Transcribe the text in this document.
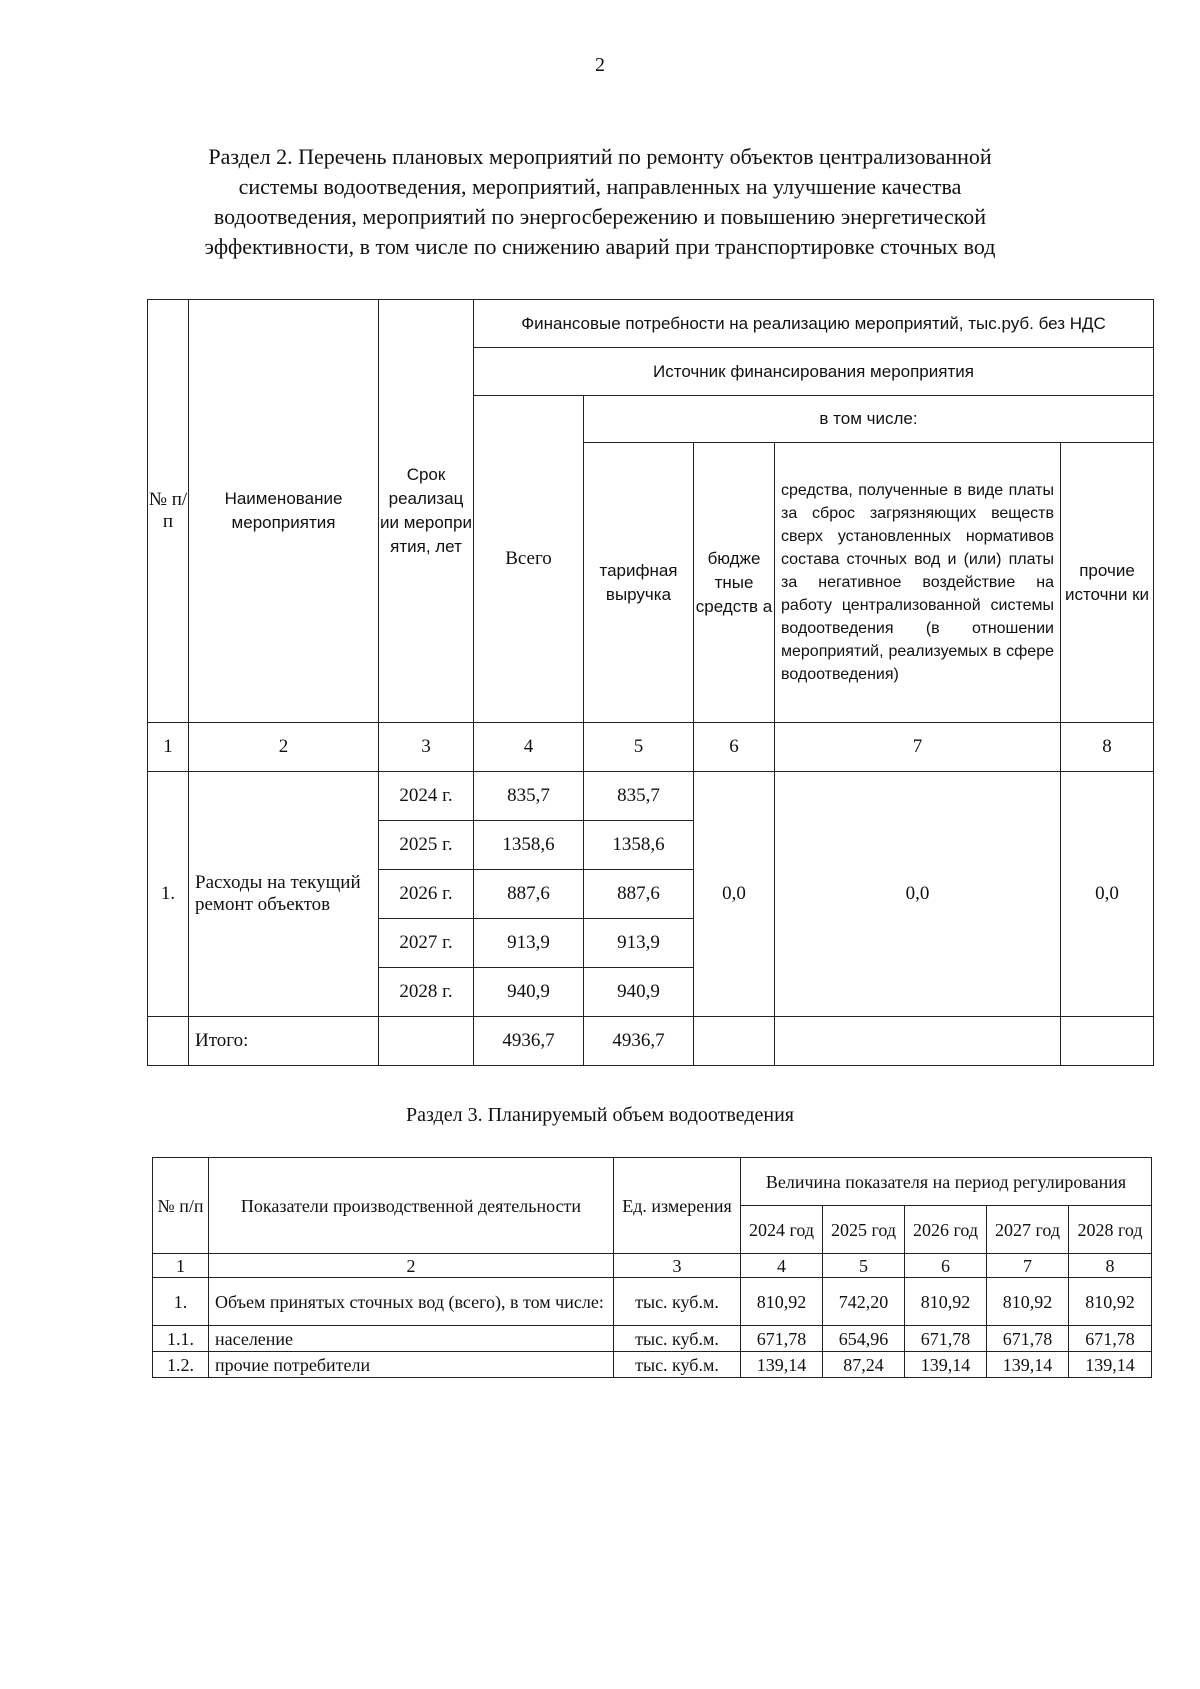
2
Раздел 2. Перечень плановых мероприятий по ремонту объектов централизованной
системы водоотведения, мероприятий, направленных на улучшение качества
водоотведения, мероприятий по энергосбережению и повышению энергетической
эффективности, в том числе по снижению аварий при транспортировке сточных вод
№ п/ п	Наименование мероприятия	Срок реализац ии меропри ятия, лет	Финансовые потребности на реализацию мероприятий, тыс.руб. без НДС				
			Источник финансирования мероприятия				
			Всего	в том числе:			
				тарифная выручка	бюдже тные средств а	средства, полученные в виде платы за сброс загрязняющих веществ сверх установленных нормативов состава сточных вод и (или) платы за негативное воздействие на работу централизованной системы водоотведения (в отношении мероприятий, реализуемых в сфере водоотведения)	прочие источни ки
1	2	3	4	5	6	7	8
1.	Расходы на текущий ремонт объектов	2024 г.	835,7	835,7	0,0	0,0	0,0
		2025 г.	1358,6	1358,6			
		2026 г.	887,6	887,6			
		2027 г.	913,9	913,9			
		2028 г.	940,9	940,9			
	Итого:		4936,7	4936,7			
Раздел 3. Планируемый объем водоотведения
№ п/п	Показатели производственной деятельности	Ед. измерения	Величина показателя на период регулирования				
			2024 год	2025 год	2026 год	2027 год	2028 год
1	2	3	4	5	6	7	8
1.	Объем принятых сточных вод (всего), в том числе:	тыс. куб.м.	810,92	742,20	810,92	810,92	810,92
1.1.	население	тыс. куб.м.	671,78	654,96	671,78	671,78	671,78
1.2.	прочие потребители	тыс. куб.м.	139,14	87,24	139,14	139,14	139,14
